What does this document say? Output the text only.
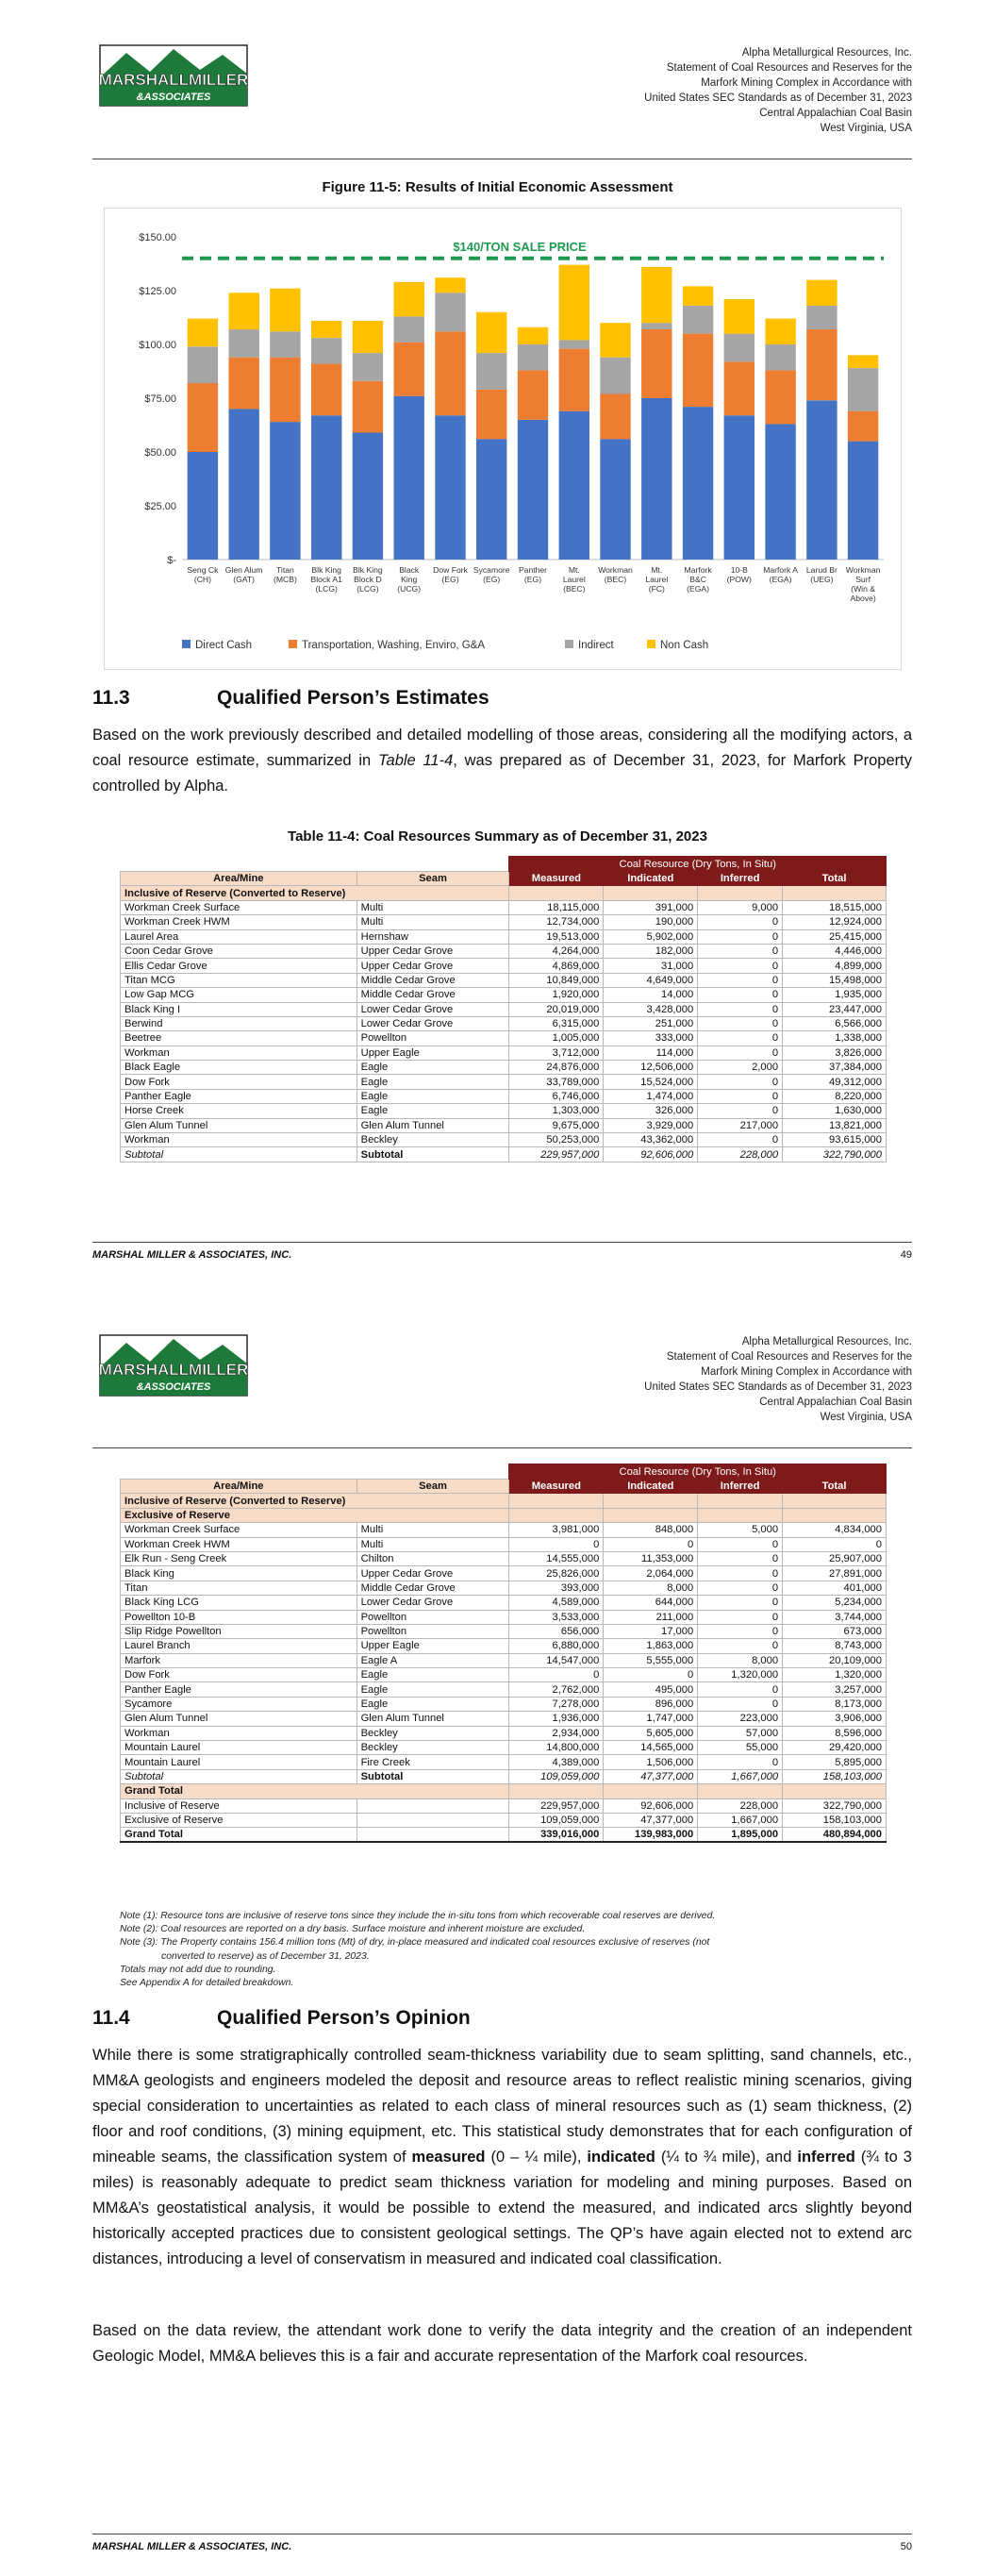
MARSHALLMILLER
&ASSOCIATES
Alpha Metallurgical Resources, Inc.
Statement of Coal Resources and Reserves for the
Marfork Mining Complex in Accordance with
United States SEC Standards as of December 31, 2023
Central Appalachian Coal Basin
West Virginia, USA
Figure 11-5: Results of Initial Economic Assessment
$-
$25.00
$50.00
$75.00
$100.00
$125.00
$150.00
Seng Ck (CH)
Glen Alum (GAT)
Titan (MCB)
Blk King Block A1 (LCG)
Blk King Block D (LCG)
Black King (UCG)
Dow Fork (EG)
Sycamore (EG)
Panther (EG)
Mt. Laurel (BEC)
Workman (BEC)
Mt. Laurel (FC)
Marfork B&C (EGA)
10-B (POW)
Marfork A (EGA)
Larud Br (UEG)
Workman Surf (Win & Above)
$140/TON SALE PRICE
Direct Cash	Transportation, Washing, Enviro, G&A	Indirect	Non Cash
11.3	Qualified Person’s Estimates
Based on the work previously described and detailed modelling of those areas, considering all the modifying actors, a coal resource estimate, summarized in Table 11-4, was prepared as of December 31, 2023, for Marfork Property controlled by Alpha.
Table 11-4: Coal Resources Summary as of December 31, 2023
		Coal Resource (Dry Tons, In Situ)			
Area/Mine	Seam	Measured	Indicated	Inferred	Total
Inclusive of Reserve (Converted to Reserve)					
Workman Creek Surface	Multi	18,115,000	391,000	9,000	18,515,000
Workman Creek HWM	Multi	12,734,000	190,000	0	12,924,000
Laurel Area	Hernshaw	19,513,000	5,902,000	0	25,415,000
Coon Cedar Grove	Upper Cedar Grove	4,264,000	182,000	0	4,446,000
Ellis Cedar Grove	Upper Cedar Grove	4,869,000	31,000	0	4,899,000
Titan MCG	Middle Cedar Grove	10,849,000	4,649,000	0	15,498,000
Low Gap MCG	Middle Cedar Grove	1,920,000	14,000	0	1,935,000
Black King I	Lower Cedar Grove	20,019,000	3,428,000	0	23,447,000
Berwind	Lower Cedar Grove	6,315,000	251,000	0	6,566,000
Beetree	Powellton	1,005,000	333,000	0	1,338,000
Workman	Upper Eagle	3,712,000	114,000	0	3,826,000
Black Eagle	Eagle	24,876,000	12,506,000	2,000	37,384,000
Dow Fork	Eagle	33,789,000	15,524,000	0	49,312,000
Panther Eagle	Eagle	6,746,000	1,474,000	0	8,220,000
Horse Creek	Eagle	1,303,000	326,000	0	1,630,000
Glen Alum Tunnel	Glen Alum Tunnel	9,675,000	3,929,000	217,000	13,821,000
Workman	Beckley	50,253,000	43,362,000	0	93,615,000
Subtotal	Subtotal	229,957,000	92,606,000	228,000	322,790,000
MARSHAL MILLER & ASSOCIATES, INC.	49
MARSHALLMILLER
&ASSOCIATES
Alpha Metallurgical Resources, Inc.
Statement of Coal Resources and Reserves for the
Marfork Mining Complex in Accordance with
United States SEC Standards as of December 31, 2023
Central Appalachian Coal Basin
West Virginia, USA
		Coal Resource (Dry Tons, In Situ)			
Area/Mine	Seam	Measured	Indicated	Inferred	Total
Inclusive of Reserve (Converted to Reserve)					
Exclusive of Reserve					
Workman Creek Surface	Multi	3,981,000	848,000	5,000	4,834,000
Workman Creek HWM	Multi	0	0	0	0
Elk Run - Seng Creek	Chilton	14,555,000	11,353,000	0	25,907,000
Black King	Upper Cedar Grove	25,826,000	2,064,000	0	27,891,000
Titan	Middle Cedar Grove	393,000	8,000	0	401,000
Black King LCG	Lower Cedar Grove	4,589,000	644,000	0	5,234,000
Powellton 10-B	Powellton	3,533,000	211,000	0	3,744,000
Slip Ridge Powellton	Powellton	656,000	17,000	0	673,000
Laurel Branch	Upper Eagle	6,880,000	1,863,000	0	8,743,000
Marfork	Eagle A	14,547,000	5,555,000	8,000	20,109,000
Dow Fork	Eagle	0	0	1,320,000	1,320,000
Panther Eagle	Eagle	2,762,000	495,000	0	3,257,000
Sycamore	Eagle	7,278,000	896,000	0	8,173,000
Glen Alum Tunnel	Glen Alum Tunnel	1,936,000	1,747,000	223,000	3,906,000
Workman	Beckley	2,934,000	5,605,000	57,000	8,596,000
Mountain Laurel	Beckley	14,800,000	14,565,000	55,000	29,420,000
Mountain Laurel	Fire Creek	4,389,000	1,506,000	0	5,895,000
Subtotal	Subtotal	109,059,000	47,377,000	1,667,000	158,103,000
Grand Total					
Inclusive of Reserve		229,957,000	92,606,000	228,000	322,790,000
Exclusive of Reserve		109,059,000	47,377,000	1,667,000	158,103,000
Grand Total		339,016,000	139,983,000	1,895,000	480,894,000
Note (1): Resource tons are inclusive of reserve tons since they include the in-situ tons from which recoverable coal reserves are derived.
Note (2): Coal resources are reported on a dry basis. Surface moisture and inherent moisture are excluded.
Note (3): The Property contains 156.4 million tons (Mt) of dry, in-place measured and indicated coal resources exclusive of reserves (not
converted to reserve) as of December 31, 2023.
Totals may not add due to rounding.
See Appendix A for detailed breakdown.
11.4	Qualified Person’s Opinion
While there is some stratigraphically controlled seam-thickness variability due to seam splitting, sand channels, etc., MM&A geologists and engineers modeled the deposit and resource areas to reflect realistic mining scenarios, giving special consideration to uncertainties as related to each class of mineral resources such as (1) seam thickness, (2) floor and roof conditions, (3) mining equipment, etc. This statistical study demonstrates that for each configuration of mineable seams, the classification system of measured (0 – ¼ mile), indicated (¼ to ¾ mile), and inferred (¾ to 3 miles) is reasonably adequate to predict seam thickness variation for modeling and mining purposes. Based on MM&A’s geostatistical analysis, it would be possible to extend the measured, and indicated arcs slightly beyond historically accepted practices due to consistent geological settings. The QP’s have again elected not to extend arc distances, introducing a level of conservatism in measured and indicated coal classification.
Based on the data review, the attendant work done to verify the data integrity and the creation of an independent Geologic Model, MM&A believes this is a fair and accurate representation of the Marfork coal resources.
MARSHAL MILLER & ASSOCIATES, INC.	50
